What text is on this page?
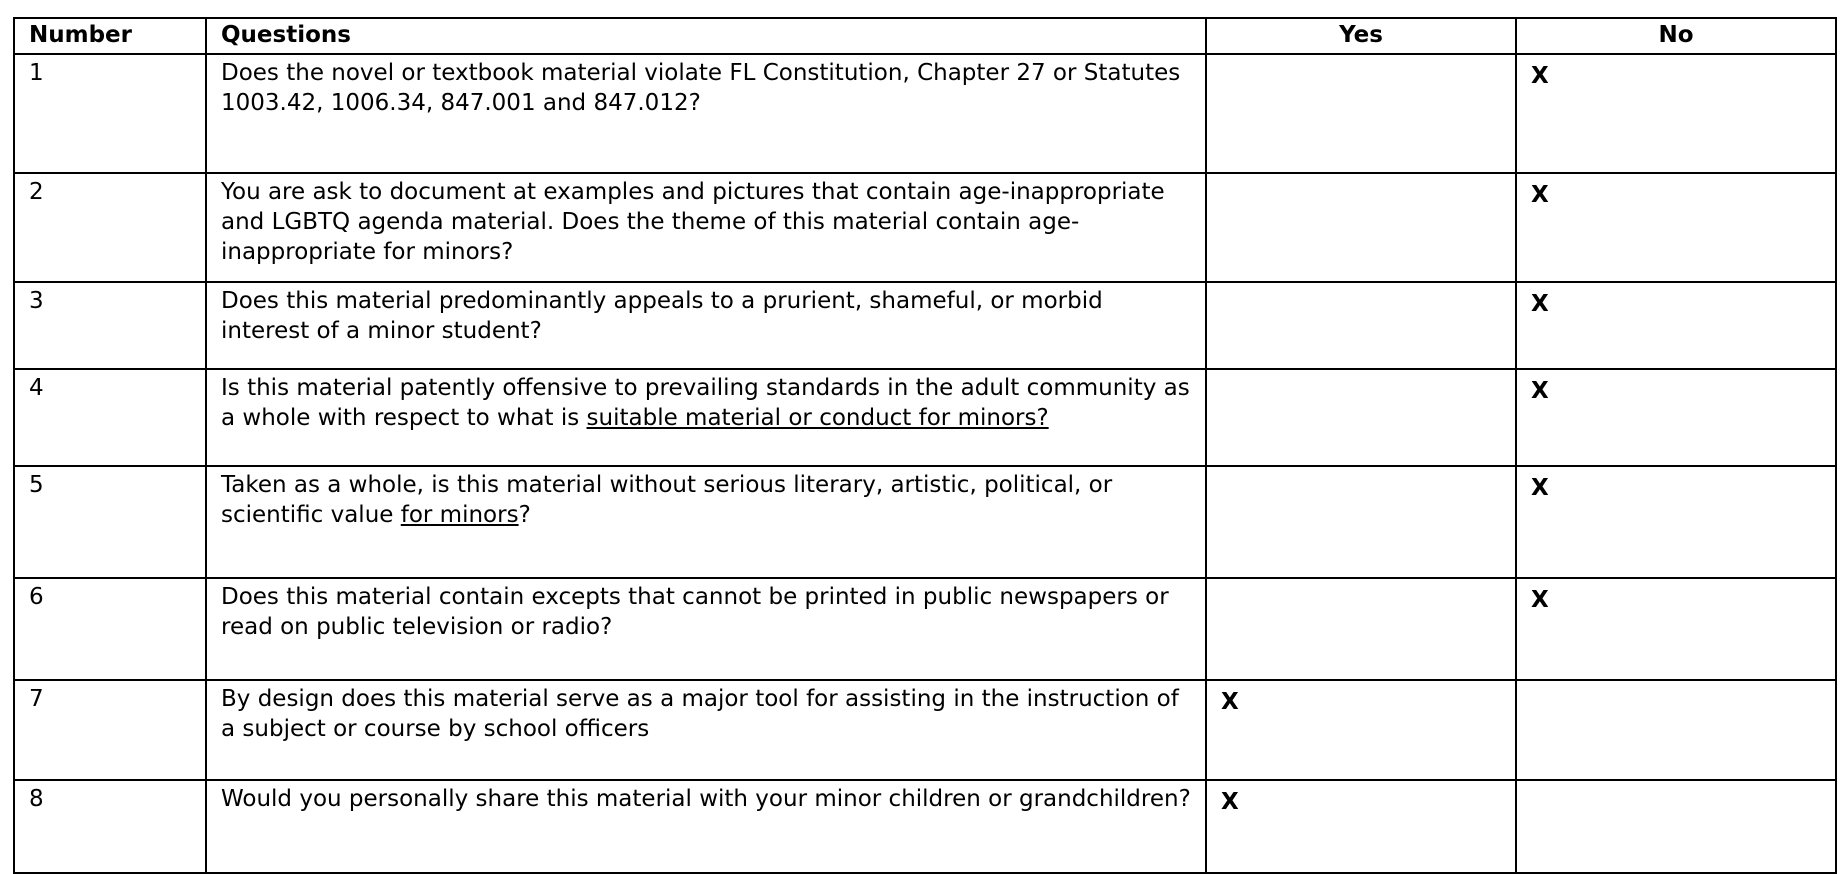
Number	Questions	Yes	No
1	Does the novel or textbook material violate FL Constitution, Chapter 27 or Statutes 1003.42, 1006.34, 847.001 and 847.012?		X
2	You are ask to document at examples and pictures that contain age-inappropriate and LGBTQ agenda material. Does the theme of this material contain age-inappropriate for minors?		X
3	Does this material predominantly appeals to a prurient, shameful, or morbid interest of a minor student?		X
4	Is this material patently offensive to prevailing standards in the adult community as a whole with respect to what is suitable material or conduct for minors?		X
5	Taken as a whole, is this material without serious literary, artistic, political, or scientific value for minors?		X
6	Does this material contain excepts that cannot be printed in public newspapers or read on public television or radio?		X
7	By design does this material serve as a major tool for assisting in the instruction of a subject or course by school officers	X	
8	Would you personally share this material with your minor children or grandchildren?	X	
